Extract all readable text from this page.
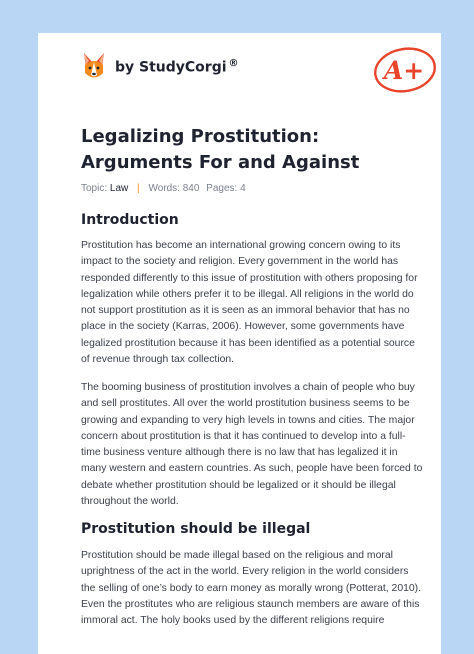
by StudyCorgi ®	A+
Legalizing Prostitution: Arguments For and Against
Topic: Law | Words: 840 Pages: 4
Introduction

Prostitution has become an international growing concern owing to its impact to the society and religion. Every government in the world has responded differently to this issue of prostitution with others proposing for legalization while others prefer it to be illegal. All religions in the world do not support prostitution as it is seen as an immoral behavior that has no place in the society (Karras, 2006). However, some governments have legalized prostitution because it has been identified as a potential source of revenue through tax collection.

The booming business of prostitution involves a chain of people who buy and sell prostitutes. All over the world prostitution business seems to be growing and expanding to very high levels in towns and cities. The major concern about prostitution is that it has continued to develop into a full-time business venture although there is no law that has legalized it in many western and eastern countries. As such, people have been forced to debate whether prostitution should be legalized or it should be illegal throughout the world.

Prostitution should be illegal

Prostitution should be made illegal based on the religious and moral uprightness of the act in the world. Every religion in the world considers the selling of one’s body to earn money as morally wrong (Potterat, 2010). Even the prostitutes who are religious staunch members are aware of this immoral act. The holy books used by the different religions require
